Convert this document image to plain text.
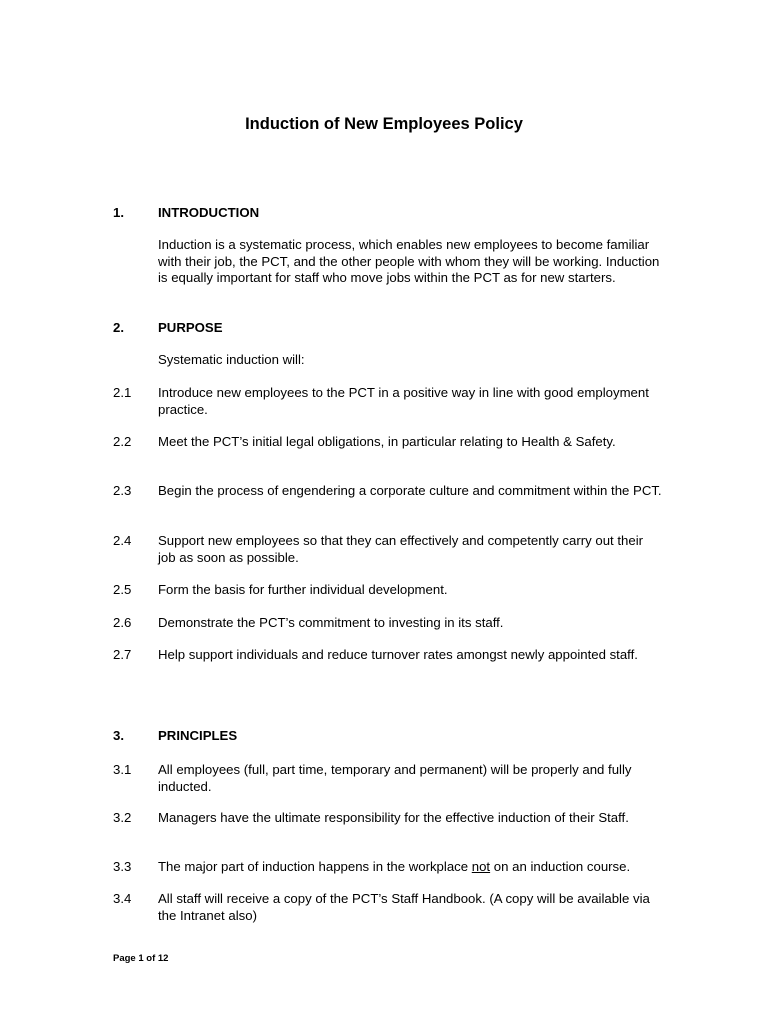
Induction of New Employees Policy
1.	INTRODUCTION
Induction is a systematic process, which enables new employees to become familiar with their job, the PCT, and the other people with whom they will be working. Induction is equally important for staff who move jobs within the PCT as for new starters.
2.	PURPOSE
Systematic induction will:
2.1 Introduce new employees to the PCT in a positive way in line with good employment practice.
2.2 Meet the PCT’s initial legal obligations, in particular relating to Health & Safety.
2.3 Begin the process of engendering a corporate culture and commitment within the PCT.
2.4 Support new employees so that they can effectively and competently carry out their job as soon as possible.
2.5 Form the basis for further individual development.
2.6 Demonstrate the PCT’s commitment to investing in its staff.
2.7 Help support individuals and reduce turnover rates amongst newly appointed staff.
3.	PRINCIPLES
3.1 All employees (full, part time, temporary and permanent) will be properly and fully inducted.
3.2 Managers have the ultimate responsibility for the effective induction of their Staff.
3.3 The major part of induction happens in the workplace not on an induction course.
3.4 All staff will receive a copy of the PCT’s Staff Handbook. (A copy will be available via the Intranet also)
Page 1 of 12
